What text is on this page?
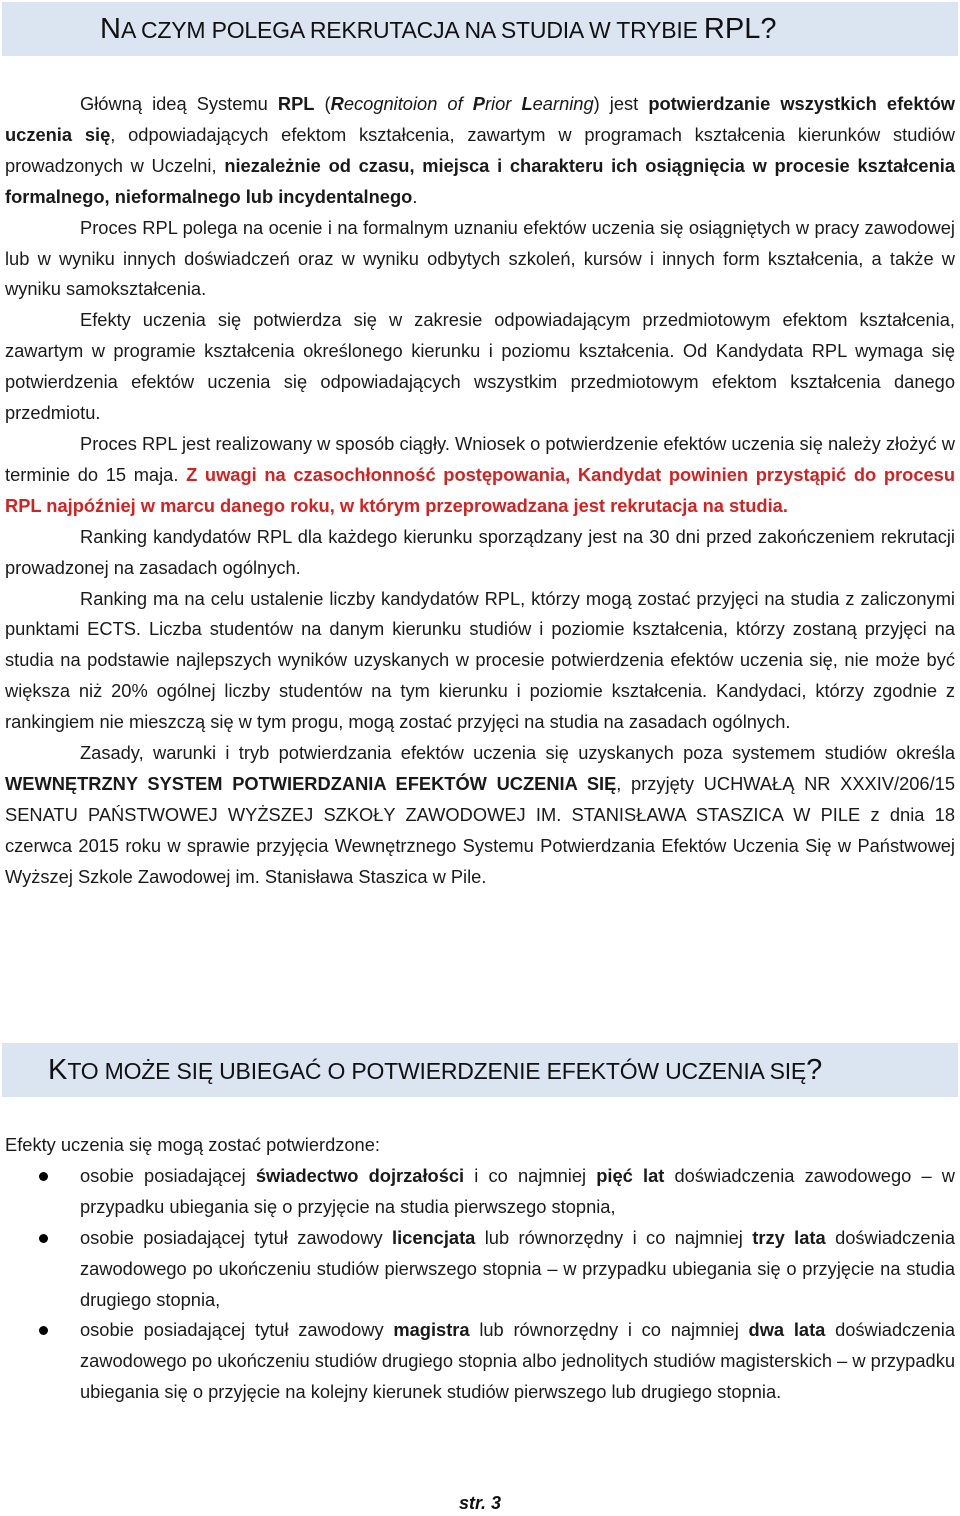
NA CZYM POLEGA REKRUTACJA NA STUDIA W TRYBIE RPL?

Główną ideą Systemu RPL (Recognitoion of Prior Learning) jest potwierdzanie wszystkich efektów uczenia się, odpowiadających efektom kształcenia, zawartym w programach kształcenia kierunków studiów prowadzonych w Uczelni, niezależnie od czasu, miejsca i charakteru ich osiągnięcia w procesie kształcenia formalnego, nieformalnego lub incydentalnego.

Proces RPL polega na ocenie i na formalnym uznaniu efektów uczenia się osiągniętych w pracy zawodowej lub w wyniku innych doświadczeń oraz w wyniku odbytych szkoleń, kursów i innych form kształcenia, a także w wyniku samokształcenia.

Efekty uczenia się potwierdza się w zakresie odpowiadającym przedmiotowym efektom kształcenia, zawartym w programie kształcenia określonego kierunku i poziomu kształcenia. Od Kandydata RPL wymaga się potwierdzenia efektów uczenia się odpowiadających wszystkim przedmiotowym efektom kształcenia danego przedmiotu.

Proces RPL jest realizowany w sposób ciągły. Wniosek o potwierdzenie efektów uczenia się należy złożyć w terminie do 15 maja. Z uwagi na czasochłonność postępowania, Kandydat powinien przystąpić do procesu RPL najpóźniej w marcu danego roku, w którym przeprowadzana jest rekrutacja na studia.

Ranking kandydatów RPL dla każdego kierunku sporządzany jest na 30 dni przed zakończeniem rekrutacji prowadzonej na zasadach ogólnych.

Ranking ma na celu ustalenie liczby kandydatów RPL, którzy mogą zostać przyjęci na studia z zaliczonymi punktami ECTS. Liczba studentów na danym kierunku studiów i poziomie kształcenia, którzy zostaną przyjęci na studia na podstawie najlepszych wyników uzyskanych w procesie potwierdzenia efektów uczenia się, nie może być większa niż 20% ogólnej liczby studentów na tym kierunku i poziomie kształcenia. Kandydaci, którzy zgodnie z rankingiem nie mieszczą się w tym progu, mogą zostać przyjęci na studia na zasadach ogólnych.

Zasady, warunki i tryb potwierdzania efektów uczenia się uzyskanych poza systemem studiów określa WEWNĘTRZNY SYSTEM POTWIERDZANIA EFEKTÓW UCZENIA SIĘ, przyjęty UCHWAŁĄ NR XXXIV/206/15 SENATU PAŃSTWOWEJ WYŻSZEJ SZKOŁY ZAWODOWEJ IM. STANISŁAWA STASZICA W PILE z dnia 18 czerwca 2015 roku w sprawie przyjęcia Wewnętrznego Systemu Potwierdzania Efektów Uczenia Się w Państwowej Wyższej Szkole Zawodowej im. Stanisława Staszica w Pile.

KTO MOŻE SIĘ UBIEGAĆ O POTWIERDZENIE EFEKTÓW UCZENIA SIĘ?

Efekty uczenia się mogą zostać potwierdzone:

osobie posiadającej świadectwo dojrzałości i co najmniej pięć lat doświadczenia zawodowego – w przypadku ubiegania się o przyjęcie na studia pierwszego stopnia,
osobie posiadającej tytuł zawodowy licencjata lub równorzędny i co najmniej trzy lata doświadczenia zawodowego po ukończeniu studiów pierwszego stopnia – w przypadku ubiegania się o przyjęcie na studia drugiego stopnia,
osobie posiadającej tytuł zawodowy magistra lub równorzędny i co najmniej dwa lata doświadczenia zawodowego po ukończeniu studiów drugiego stopnia albo jednolitych studiów magisterskich – w przypadku ubiegania się o przyjęcie na kolejny kierunek studiów pierwszego lub drugiego stopnia.
str. 3
